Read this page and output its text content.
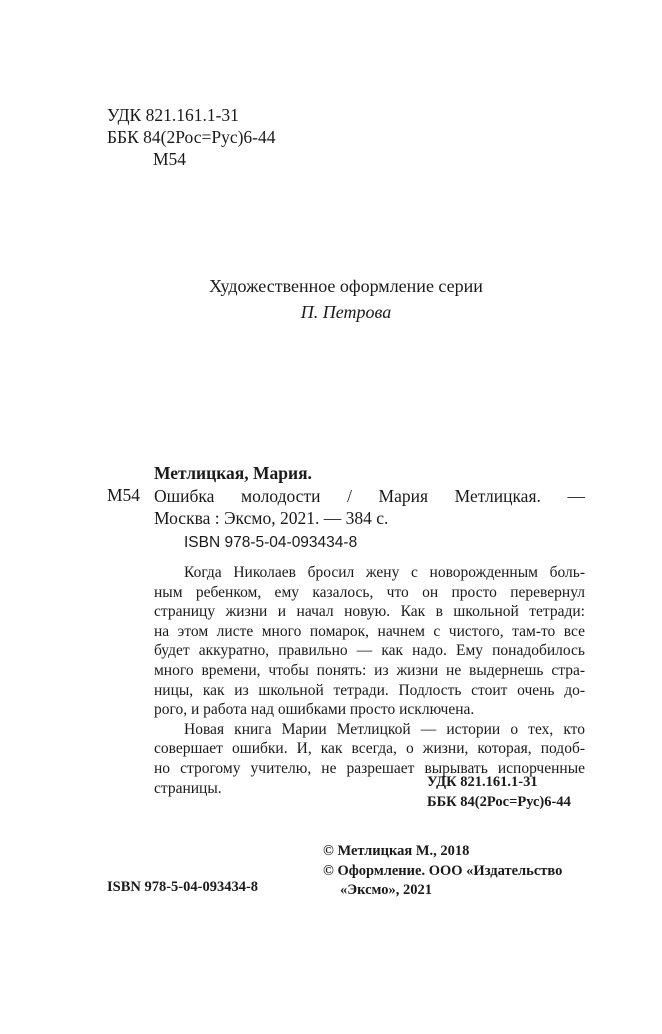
УДК 821.161.1-31
ББК 84(2Рос=Рус)6-44
М54
Художественное оформление серии
П. Петрова
Метлицкая, Мария.
М54 Ошибка молодости / Мария Метлицкая. —
Москва : Эксмо, 2021. — 384 с.
ISBN 978-5-04-093434-8
Когда Николаев бросил жену с новорожденным боль-
ным ребенком, ему казалось, что он просто перевернул
страницу жизни и начал новую. Как в школьной тетради:
на этом листе много помарок, начнем с чистого, там-то все
будет аккуратно, правильно — как надо. Ему понадобилось
много времени, чтобы понять: из жизни не выдернешь стра-
ницы, как из школьной тетради. Подлость стоит очень до-
рого, и работа над ошибками просто исключена.
Новая книга Марии Метлицкой — истории о тех, кто
совершает ошибки. И, как всегда, о жизни, которая, подоб-
но строгому учителю, не разрешает вырывать испорченные
страницы.	УДК 821.161.1-31
ББК 84(2Рос=Рус)6-44
© Метлицкая М., 2018
© Оформление. ООО «Издательство
«Эксмо», 2021
ISBN 978-5-04-093434-8
